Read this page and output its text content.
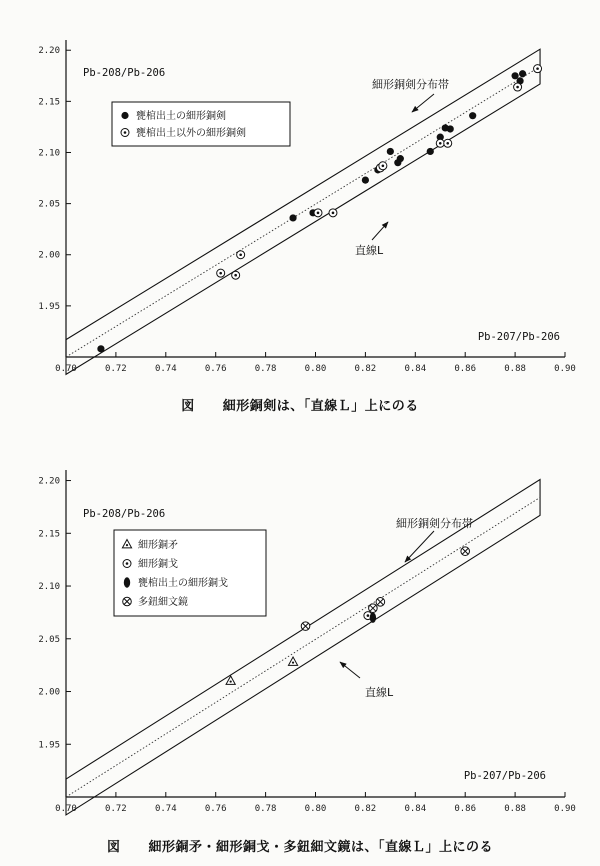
0.70	0.72	0.74	0.76	0.78	0.80	0.82	0.84	0.86	0.88	0.90
1.95
2.00
2.05
2.10
2.15
2.20
Pb-208/Pb-206
Pb-207/Pb-206
細形銅剣分布帯
直線L
甕棺出土の細形銅剣
甕棺出土以外の細形銅剣
図 細形銅剣は、「直線Ｌ」上にのる
0.70	0.72	0.74	0.76	0.78	0.80	0.82	0.84	0.86	0.88	0.90
1.95
2.00
2.05
2.10
2.15
2.20
Pb-208/Pb-206
Pb-207/Pb-206
細形銅剣分布帯
直線L
細形銅矛
細形銅戈
甕棺出土の細形銅戈
多鈕細文鏡
図 細形銅矛・細形銅戈・多鈕細文鏡は、「直線Ｌ」上にのる
